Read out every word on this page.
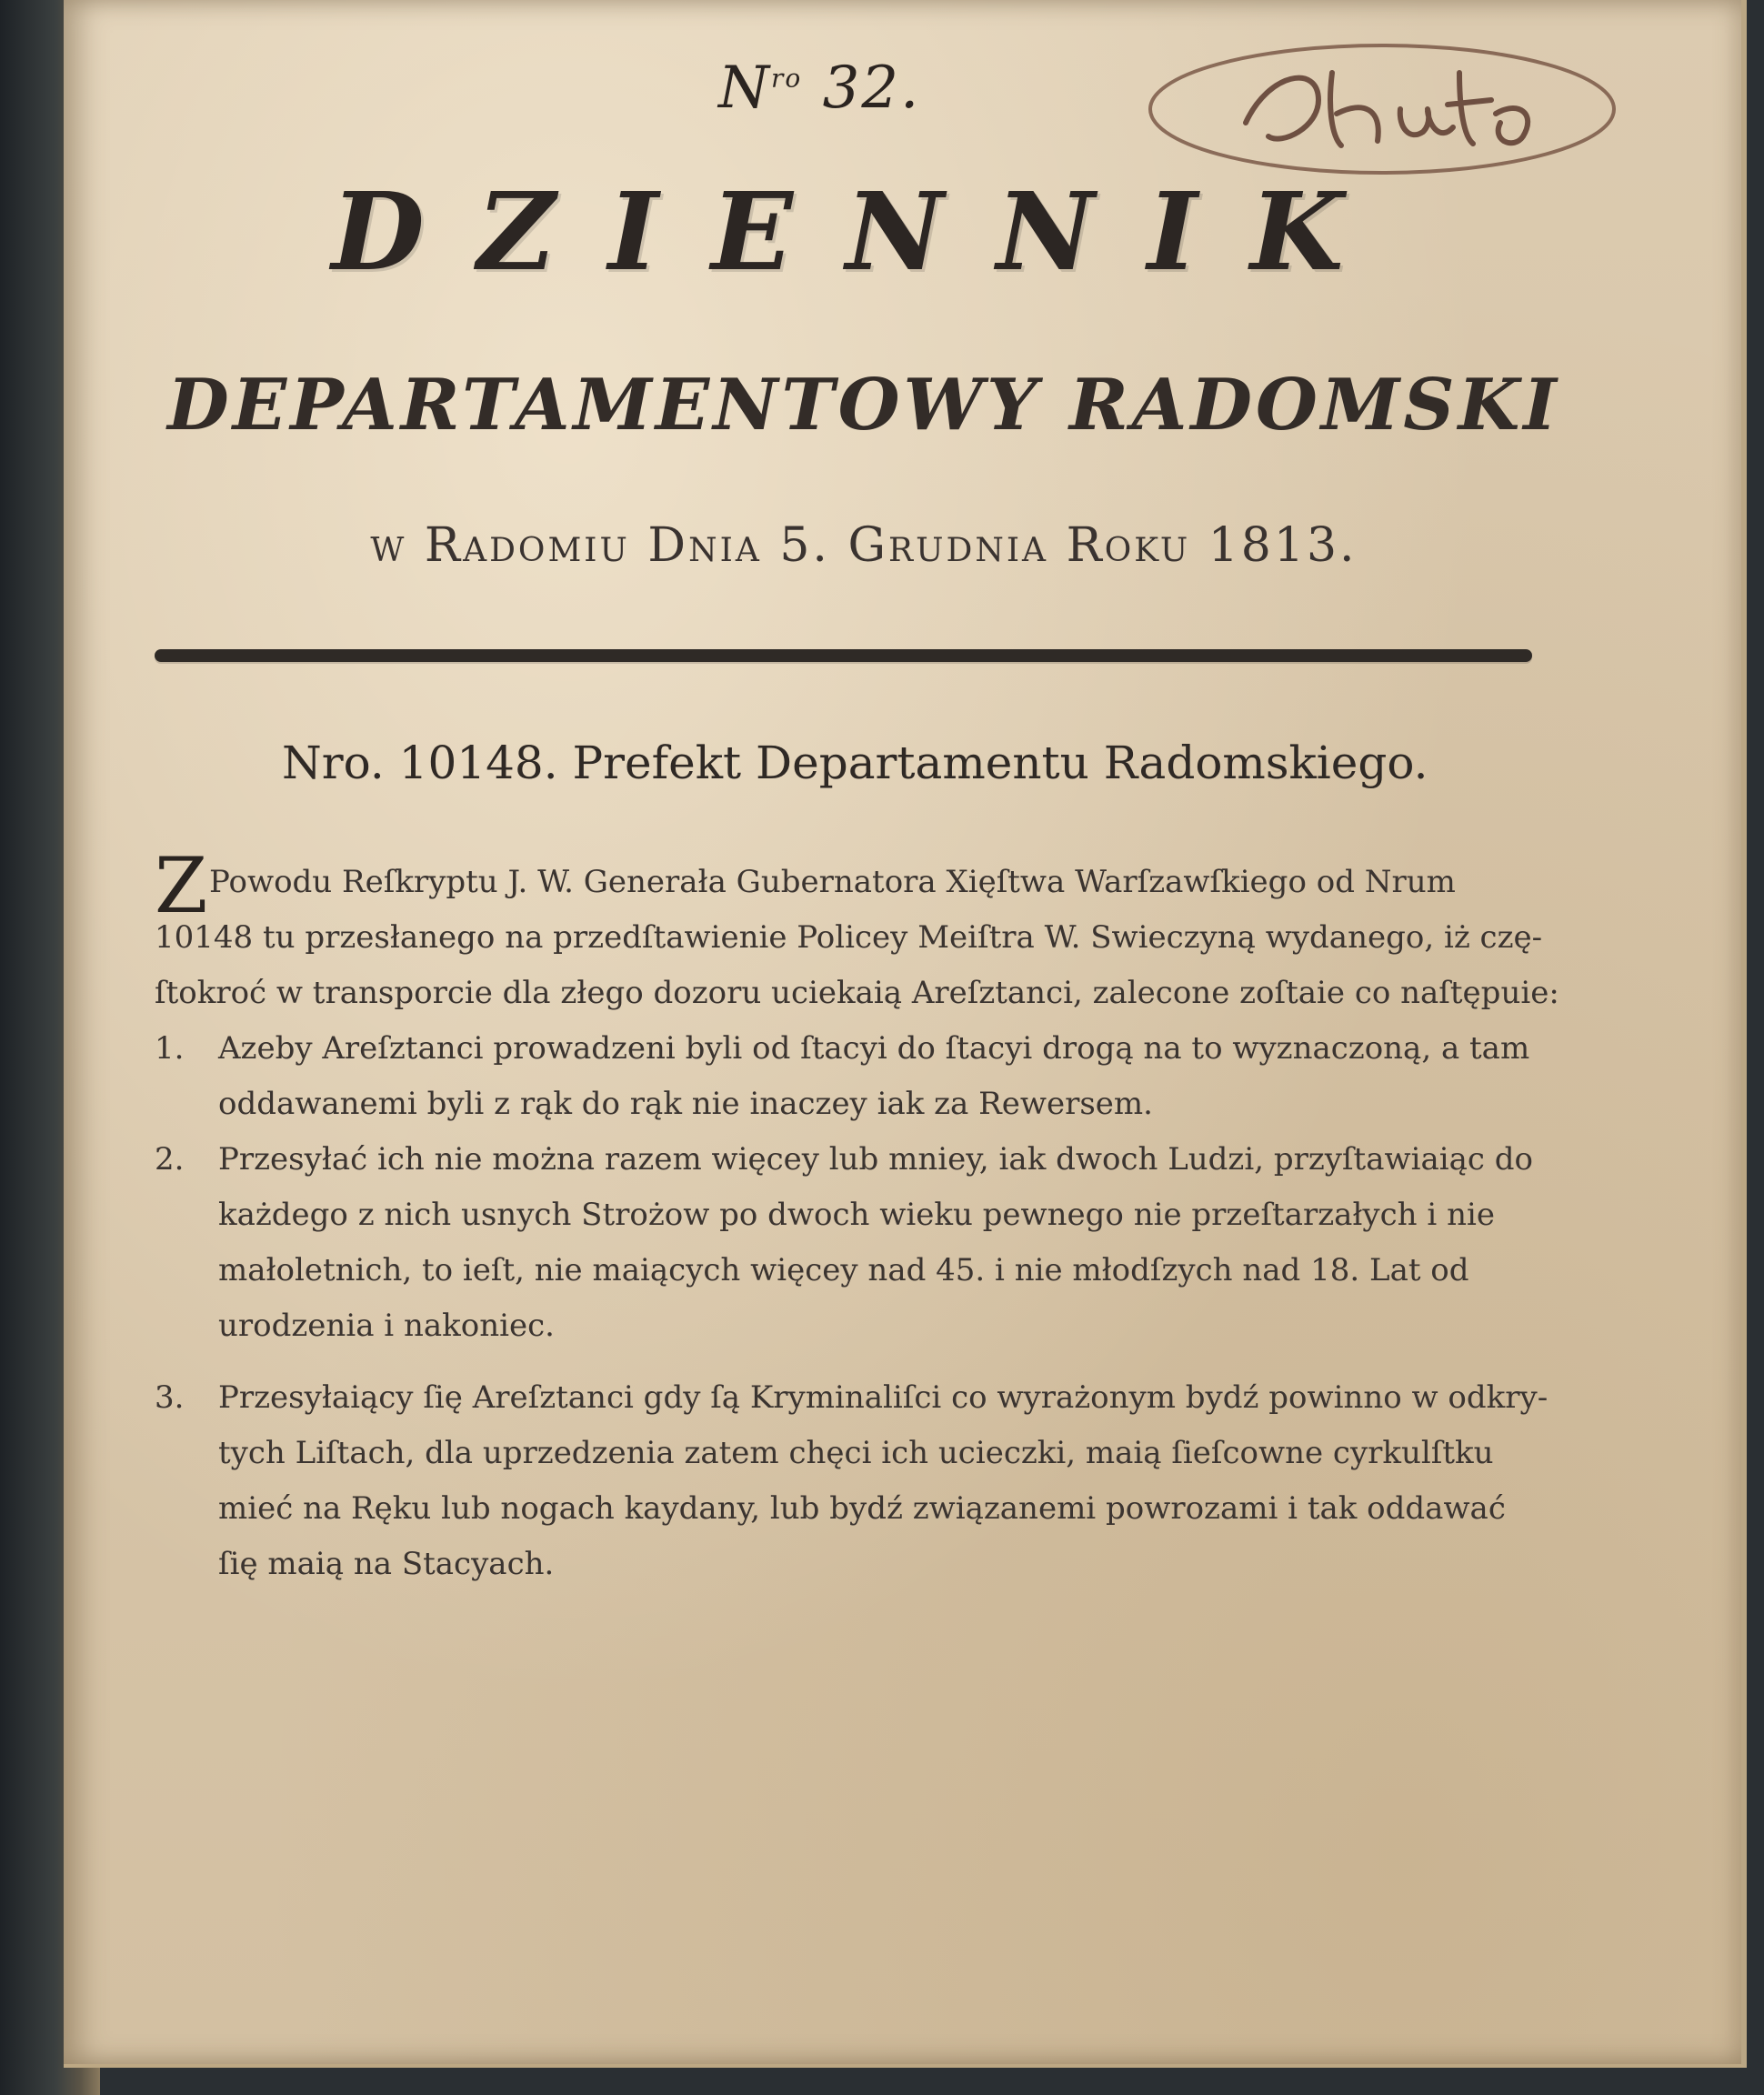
$N^{ro}$ 32.
DZIENNIK
DEPARTAMENTOWY RADOMSKI
w Radomiu Dnia 5. Grudnia Roku 1813.
Nro. 10148. Prefekt Departamentu Radomskiego.
Z Powodu Reſkryptu J. W. Generała Gubernatora Xięſtwa Warſzawſkiego od Nrum
10148 tu przesłanego na przedſtawienie Policey Meiſtra W. Swieczyną wydanego, iż czę-
ſtokroć w transporcie dla złego dozoru uciekaią Areſztanci, zalecone zoſtaie co naſtępuie:
1. Azeby Areſztanci prowadzeni byli od ſtacyi do ſtacyi drogą na to wyznaczoną, a tam
oddawanemi byli z rąk do rąk nie inaczey iak za Rewersem.
2. Przesyłać ich nie można razem więcey lub mniey, iak dwoch Ludzi, przyſtawiaiąc do
każdego z nich usnych Strożow po dwoch wieku pewnego nie przeſtarzałych i nie
małoletnich, to ieſt, nie maiących więcey nad 45. i nie młodſzych nad 18. Lat od
urodzenia i nakoniec.
3. Przesyłaiący ſię Areſztanci gdy ſą Kryminaliſci co wyrażonym bydź powinno w odkry-
tych Liſtach, dla uprzedzenia zatem chęci ich ucieczki, maią ſieſcowne cyrkulſtku
mieć na Ręku lub nogach kaydany, lub bydź związanemi powrozami i tak oddawać
ſię maią na Stacyach.
